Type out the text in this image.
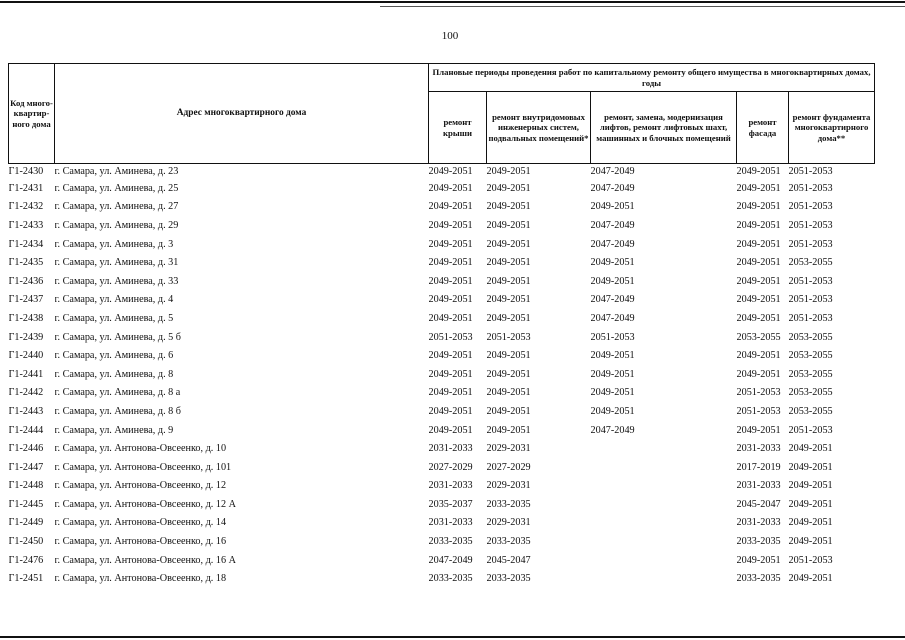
100
Код много-квартир-ного дома	Адрес многоквартирного дома	Плановые периоды проведения работ по капитальному ремонту общего имущества в многоквартирных домах, годы				
		ремонт крыши	ремонт внутридомовых инженерных систем, подвальных помещений*	ремонт, замена, модернизация лифтов, ремонт лифтовых шахт, машинных и блочных помещений	ремонт фасада	ремонт фундамента многоквартирного дома**
Г1-2430	г. Самара, ул. Аминева, д. 23	2049-2051	2049-2051	2047-2049	2049-2051	2051-2053
Г1-2431	г. Самара, ул. Аминева, д. 25	2049-2051	2049-2051	2047-2049	2049-2051	2051-2053
Г1-2432	г. Самара, ул. Аминева, д. 27	2049-2051	2049-2051	2049-2051	2049-2051	2051-2053
Г1-2433	г. Самара, ул. Аминева, д. 29	2049-2051	2049-2051	2047-2049	2049-2051	2051-2053
Г1-2434	г. Самара, ул. Аминева, д. 3	2049-2051	2049-2051	2047-2049	2049-2051	2051-2053
Г1-2435	г. Самара, ул. Аминева, д. 31	2049-2051	2049-2051	2049-2051	2049-2051	2053-2055
Г1-2436	г. Самара, ул. Аминева, д. 33	2049-2051	2049-2051	2049-2051	2049-2051	2051-2053
Г1-2437	г. Самара, ул. Аминева, д. 4	2049-2051	2049-2051	2047-2049	2049-2051	2051-2053
Г1-2438	г. Самара, ул. Аминева, д. 5	2049-2051	2049-2051	2047-2049	2049-2051	2051-2053
Г1-2439	г. Самара, ул. Аминева, д. 5 б	2051-2053	2051-2053	2051-2053	2053-2055	2053-2055
Г1-2440	г. Самара, ул. Аминева, д. 6	2049-2051	2049-2051	2049-2051	2049-2051	2053-2055
Г1-2441	г. Самара, ул. Аминева, д. 8	2049-2051	2049-2051	2049-2051	2049-2051	2053-2055
Г1-2442	г. Самара, ул. Аминева, д. 8 а	2049-2051	2049-2051	2049-2051	2051-2053	2053-2055
Г1-2443	г. Самара, ул. Аминева, д. 8 б	2049-2051	2049-2051	2049-2051	2051-2053	2053-2055
Г1-2444	г. Самара, ул. Аминева, д. 9	2049-2051	2049-2051	2047-2049	2049-2051	2051-2053
Г1-2446	г. Самара, ул. Антонова-Овсеенко, д. 10	2031-2033	2029-2031		2031-2033	2049-2051
Г1-2447	г. Самара, ул. Антонова-Овсеенко, д. 101	2027-2029	2027-2029		2017-2019	2049-2051
Г1-2448	г. Самара, ул. Антонова-Овсеенко, д. 12	2031-2033	2029-2031		2031-2033	2049-2051
Г1-2445	г. Самара, ул. Антонова-Овсеенко, д. 12 А	2035-2037	2033-2035		2045-2047	2049-2051
Г1-2449	г. Самара, ул. Антонова-Овсеенко, д. 14	2031-2033	2029-2031		2031-2033	2049-2051
Г1-2450	г. Самара, ул. Антонова-Овсеенко, д. 16	2033-2035	2033-2035		2033-2035	2049-2051
Г1-2476	г. Самара, ул. Антонова-Овсеенко, д. 16 А	2047-2049	2045-2047		2049-2051	2051-2053
Г1-2451	г. Самара, ул. Антонова-Овсеенко, д. 18	2033-2035	2033-2035		2033-2035	2049-2051
